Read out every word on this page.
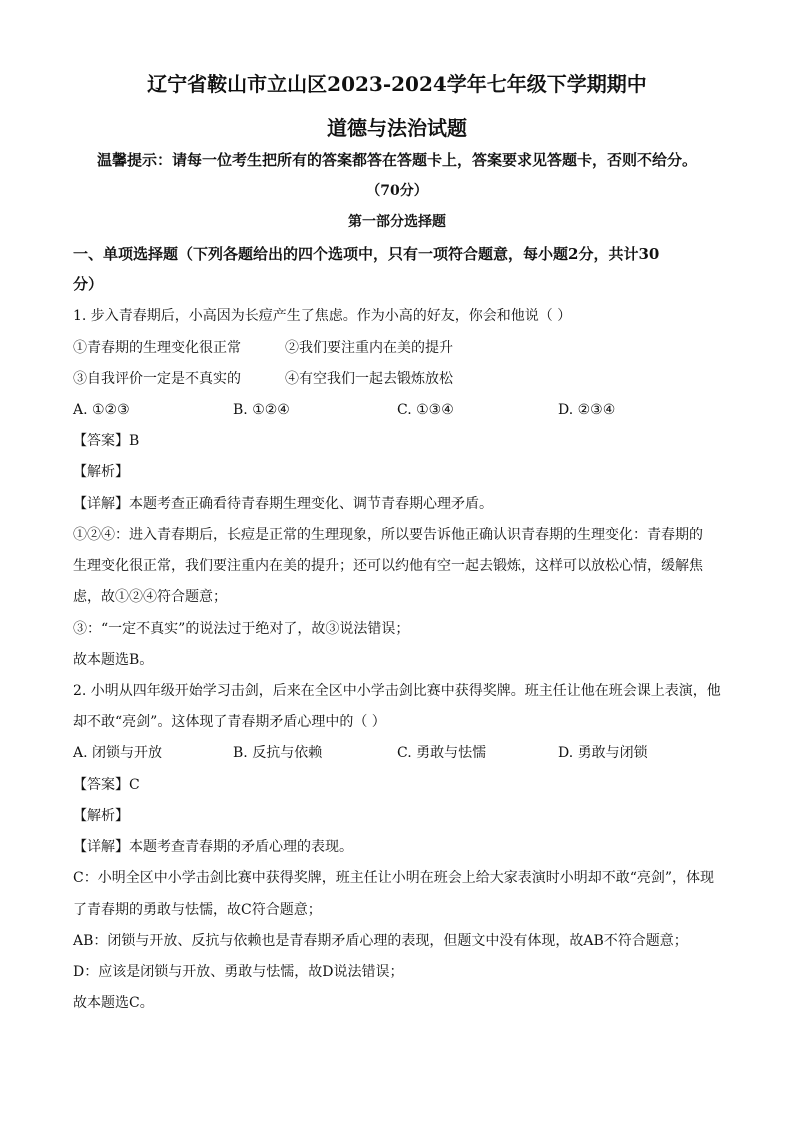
辽宁省鞍山市立山区2023-2024学年七年级下学期期中
道德与法治试题
温馨提示：请每一位考生把所有的答案都答在答题卡上，答案要求见答题卡，否则不给分。
（70分）
第一部分选择题
一、单项选择题（下列各题给出的四个选项中，只有一项符合题意，每小题2分，共计30
分）
1. 步入青春期后，小高因为长痘产生了焦虑。作为小高的好友，你会和他说（ ）
①青春期的生理变化很正常	②我们要注重内在美的提升
③自我评价一定是不真实的	④有空我们一起去锻炼放松
A. ①②③	B. ①②④	C. ①③④	D. ②③④
【答案】B
【解析】
【详解】本题考查正确看待青春期生理变化、调节青春期心理矛盾。
①②④：进入青春期后，长痘是正常的生理现象，所以要告诉他正确认识青春期的生理变化：青春期的
生理变化很正常，我们要注重内在美的提升；还可以约他有空一起去锻炼，这样可以放松心情，缓解焦
虑，故①②④符合题意；
③：“一定不真实”的说法过于绝对了，故③说法错误；
故本题选B。
2. 小明从四年级开始学习击剑，后来在全区中小学击剑比赛中获得奖牌。班主任让他在班会课上表演，他
却不敢“亮剑”。这体现了青春期矛盾心理中的（ ）
A. 闭锁与开放	B. 反抗与依赖	C. 勇敢与怯懦	D. 勇敢与闭锁
【答案】C
【解析】
【详解】本题考查青春期的矛盾心理的表现。
C：小明全区中小学击剑比赛中获得奖牌，班主任让小明在班会上给大家表演时小明却不敢“亮剑”，体现
了青春期的勇敢与怯懦，故C符合题意；
AB：闭锁与开放、反抗与依赖也是青春期矛盾心理的表现，但题文中没有体现，故AB不符合题意；
D：应该是闭锁与开放、勇敢与怯懦，故D说法错误；
故本题选C。
